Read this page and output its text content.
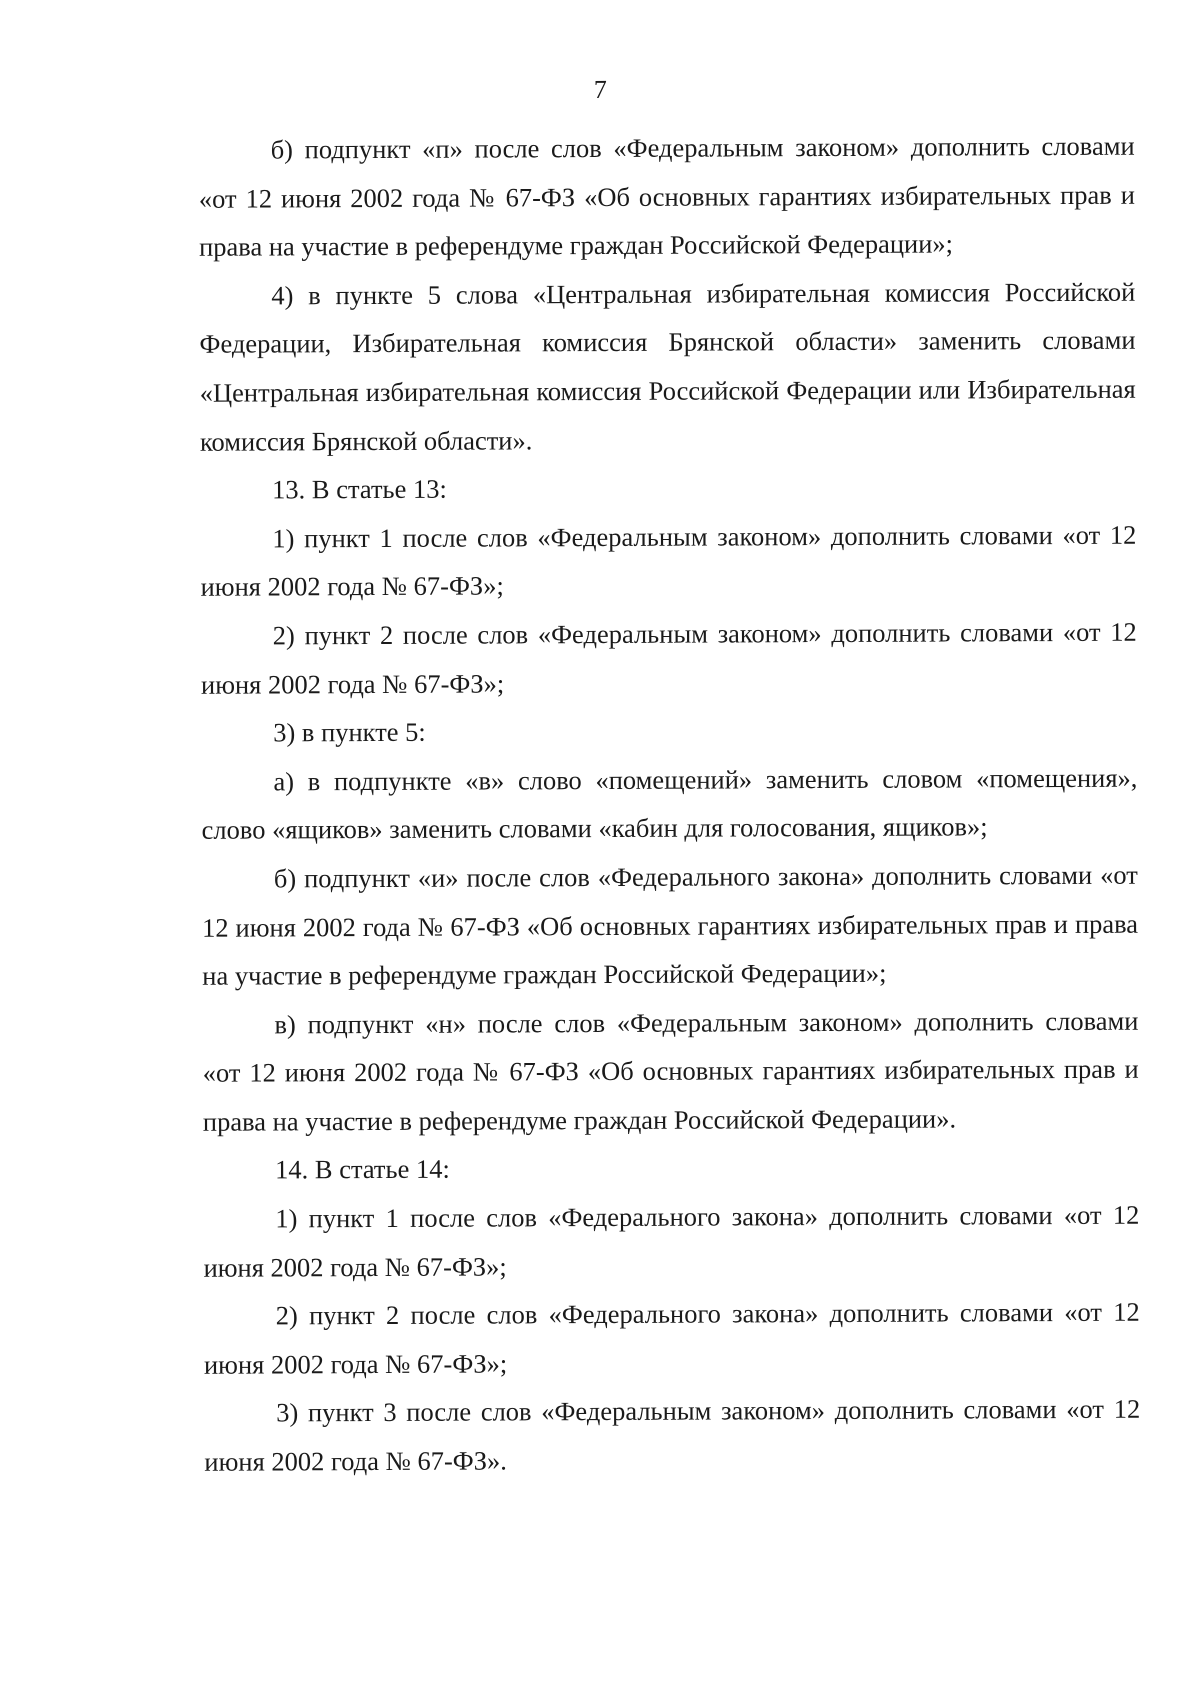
7

б) подпункт «п» после слов «Федеральным законом» дополнить словами «от 12 июня 2002 года № 67-ФЗ «Об основных гарантиях избирательных прав и права на участие в референдуме граждан Российской Федерации»;

4) в пункте 5 слова «Центральная избирательная комиссия Российской Федерации, Избирательная комиссия Брянской области» заменить словами «Центральная избирательная комиссия Российской Федерации или Избирательная комиссия Брянской области».

13. В статье 13:

1) пункт 1 после слов «Федеральным законом» дополнить словами «от 12 июня 2002 года № 67-ФЗ»;

2) пункт 2 после слов «Федеральным законом» дополнить словами «от 12 июня 2002 года № 67-ФЗ»;

3) в пункте 5:

а) в подпункте «в» слово «помещений» заменить словом «помещения», слово «ящиков» заменить словами «кабин для голосования, ящиков»;

б) подпункт «и» после слов «Федерального закона» дополнить словами «от 12 июня 2002 года № 67-ФЗ «Об основных гарантиях избирательных прав и права на участие в референдуме граждан Российской Федерации»;

в) подпункт «н» после слов «Федеральным законом» дополнить словами «от 12 июня 2002 года № 67-ФЗ «Об основных гарантиях избирательных прав и права на участие в референдуме граждан Российской Федерации».

14. В статье 14:

1) пункт 1 после слов «Федерального закона» дополнить словами «от 12 июня 2002 года № 67-ФЗ»;

2) пункт 2 после слов «Федерального закона» дополнить словами «от 12 июня 2002 года № 67-ФЗ»;

3) пункт 3 после слов «Федеральным законом» дополнить словами «от 12 июня 2002 года № 67-ФЗ».
